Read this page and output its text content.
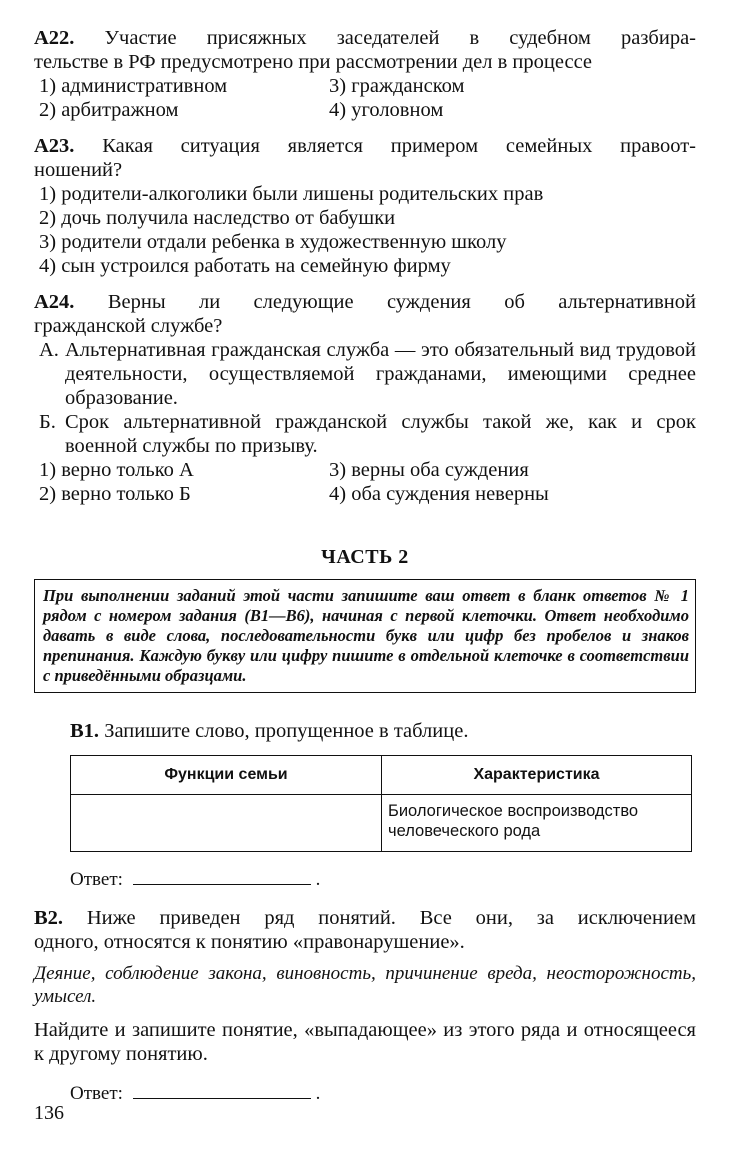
A22. Участие присяжных заседателей в судебном разбира-
тельстве в РФ предусмотрено при рассмотрении дел в процессе
1) административном	3) гражданском
2) арбитражном	4) уголовном
A23. Какая ситуация является примером семейных правоот-
ношений?
1) родители-алкоголики были лишены родительских прав
2) дочь получила наследство от бабушки
3) родители отдали ребенка в художественную школу
4) сын устроился работать на семейную фирму
A24. Верны ли следующие суждения об альтернативной
гражданской службе?
А. Альтернативная гражданская служба — это обязательный вид трудовой деятельности, осуществляемой гражданами, имеющими среднее образование.
Б. Срок альтернативной гражданской службы такой же, как и срок военной службы по призыву.
1) верно только А	3) верны оба суждения
2) верно только Б	4) оба суждения неверны
ЧАСТЬ 2
При выполнении заданий этой части запишите ваш ответ в бланк ответов № 1 рядом с номером задания (B1—B6), начиная с первой клеточки. Ответ необходимо давать в виде слова, последовательности букв или цифр без пробелов и знаков препинания. Каждую букву или цифру пишите в отдельной клеточке в соответствии с приведёнными образцами.
B1. Запишите слово, пропущенное в таблице.
Функции семьи	Характеристика
	Биологическое воспроизводство человеческого рода
Ответ:	.
B2. Ниже приведен ряд понятий. Все они, за исключением
одного, относятся к понятию «правонарушение».
Деяние, соблюдение закона, виновность, причинение вреда, неосторожность, умысел.
Найдите и запишите понятие, «выпадающее» из этого ряда и относящееся к другому понятию.
Ответ:	.
136
